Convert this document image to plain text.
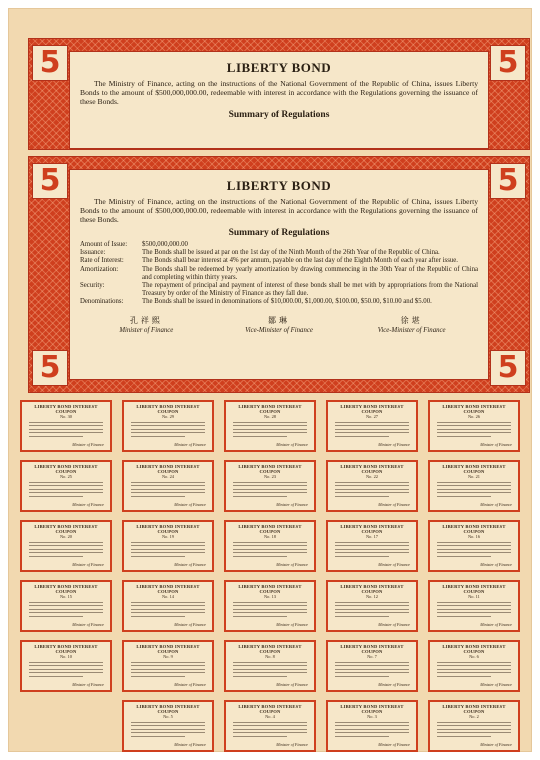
5	5
LIBERTY BOND

The Ministry of Finance, acting on the instructions of the National Government of the Republic of China, issues Liberty Bonds to the amount of $500,000,000.00, redeemable with interest in accordance with the Regulations governing the issuance of these Bonds.

Summary of Regulations
5	5
5	5
LIBERTY BOND

The Ministry of Finance, acting on the instructions of the National Government of the Republic of China, issues Liberty Bonds to the amount of $500,000,000.00, redeemable with interest in accordance with the Regulations governing the issuance of these Bonds.

Summary of Regulations
Amount of Issue:	$500,000,000.00
Issuance:	The Bonds shall be issued at par on the 1st day of the Ninth Month of the 26th Year of the Republic of China.
Rate of Interest:	The Bonds shall bear interest at 4% per annum, payable on the last day of the Eighth Month of each year after issue.
Amortization:	The Bonds shall be redeemed by yearly amortization by drawing commencing in the 30th Year of the Republic of China and completing within thirty years.
Security:	The repayment of principal and payment of interest of these bonds shall be met with by appropriations from the National Treasury by order of the Ministry of Finance as they fall due.
Denominations:	The Bonds shall be issued in denominations of $10,000.00, $1,000.00, $100.00, $50.00, $10.00 and $5.00.
孔祥熙
Minister of Finance
鄒琳
Vice-Minister of Finance
徐堪
Vice-Minister of Finance
LIBERTY BOND INTEREST COUPON
No. 30
Minister of Finance
LIBERTY BOND INTEREST COUPON
No. 29
Minister of Finance
LIBERTY BOND INTEREST COUPON
No. 28
Minister of Finance
LIBERTY BOND INTEREST COUPON
No. 27
Minister of Finance
LIBERTY BOND INTEREST COUPON
No. 26
Minister of Finance
LIBERTY BOND INTEREST COUPON
No. 25
Minister of Finance
LIBERTY BOND INTEREST COUPON
No. 24
Minister of Finance
LIBERTY BOND INTEREST COUPON
No. 23
Minister of Finance
LIBERTY BOND INTEREST COUPON
No. 22
Minister of Finance
LIBERTY BOND INTEREST COUPON
No. 21
Minister of Finance
LIBERTY BOND INTEREST COUPON
No. 20
Minister of Finance
LIBERTY BOND INTEREST COUPON
No. 19
Minister of Finance
LIBERTY BOND INTEREST COUPON
No. 18
Minister of Finance
LIBERTY BOND INTEREST COUPON
No. 17
Minister of Finance
LIBERTY BOND INTEREST COUPON
No. 16
Minister of Finance
LIBERTY BOND INTEREST COUPON
No. 15
Minister of Finance
LIBERTY BOND INTEREST COUPON
No. 14
Minister of Finance
LIBERTY BOND INTEREST COUPON
No. 13
Minister of Finance
LIBERTY BOND INTEREST COUPON
No. 12
Minister of Finance
LIBERTY BOND INTEREST COUPON
No. 11
Minister of Finance
LIBERTY BOND INTEREST COUPON
No. 10
Minister of Finance
LIBERTY BOND INTEREST COUPON
No. 9
Minister of Finance
LIBERTY BOND INTEREST COUPON
No. 8
Minister of Finance
LIBERTY BOND INTEREST COUPON
No. 7
Minister of Finance
LIBERTY BOND INTEREST COUPON
No. 6
Minister of Finance
LIBERTY BOND INTEREST COUPON
No. 5
Minister of Finance
LIBERTY BOND INTEREST COUPON
No. 4
Minister of Finance
LIBERTY BOND INTEREST COUPON
No. 3
Minister of Finance
LIBERTY BOND INTEREST COUPON
No. 2
Minister of Finance
